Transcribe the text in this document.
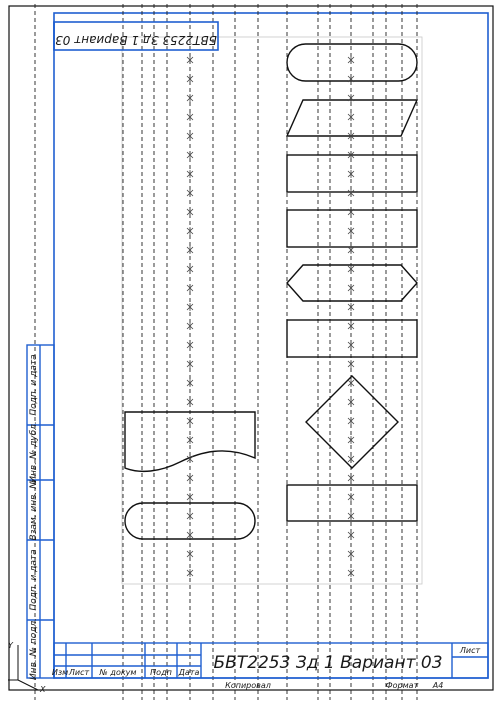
БВТ2253 Зд 1 Вариант 03
Подп. и дата
Инв. № дубл.
Взам. инв. №
Подп. и дата
Инв. № подл. Изм Лист № докум Подп Дата БВТ2253 Зд 1 Вариант 03
Лист
Копировал	Формат A4
Y
X
